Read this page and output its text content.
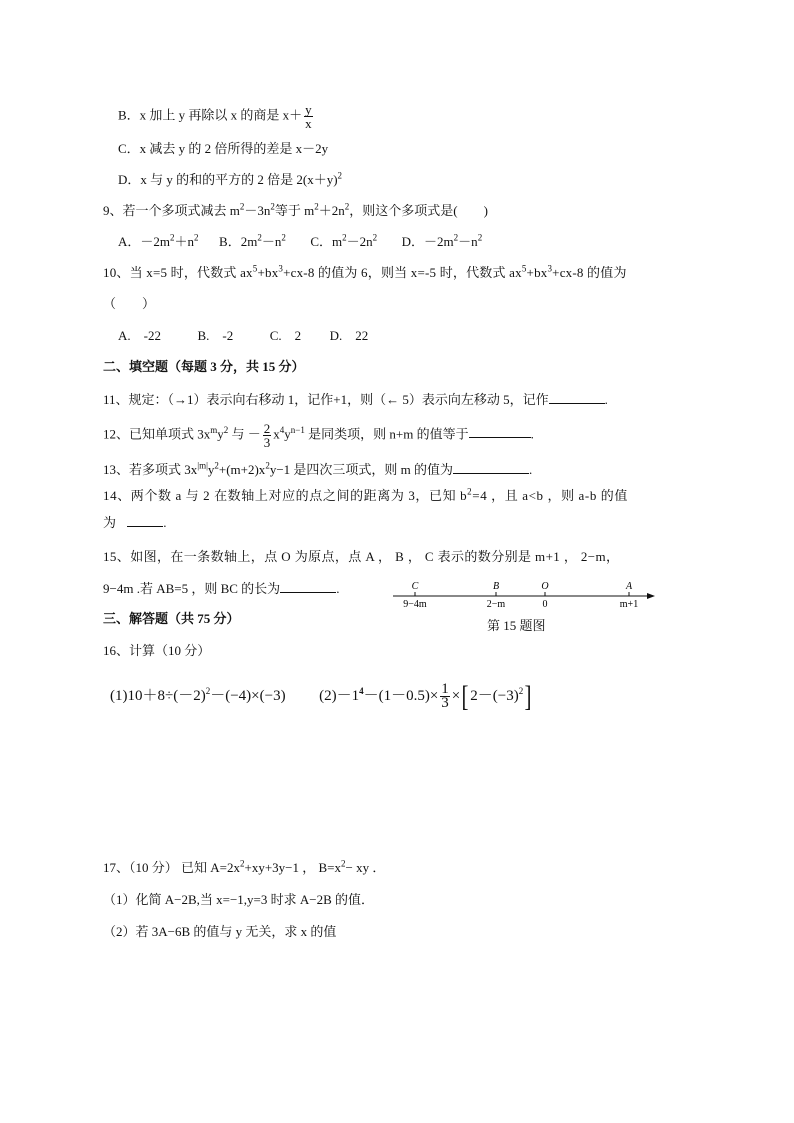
B．x 加上 y 再除以 x 的商是 $x+ \frac{y}{x}$
C．x 减去 y 的 2 倍所得的差是 x－2y
D．x 与 y 的和的平方的 2 倍是 $2(x+y)^2$
9、若一个多项式减去 $m^2-3n^2$等于 $m^2+2n^2$，则这个多项式是(　　)
A．$-2m^2+n^2$ B．$2m^2-n^2$ C．$m^2-2n^2$ D．$-2m^2-n^2$
10、当 x=5 时，代数式 $ax^5+bx^3+cx-8$ 的值为 6，则当 x=-5 时，代数式 $ax^5+bx^3+cx-8$ 的值为
（　　）
A.　-22	B.　-2	C.　2 D.　22
二、填空题（每题 3 分，共 15 分）
11、规定：（→1）表示向右移动 1，记作+1，则（← 5）表示向左移动 5，记作	.
12、已知单项式 $3x^my^2$ 与 － $\frac{2}{3} x^4y^{n-1}$ 是同类项，则 n+m 的值等于	.
13、若多项式 $3x^{|m|}y^2+(m+2)x^2y-1$ 是四次三项式，则 m 的值为	.
14、两个数 a 与 2 在数轴上对应的点之间的距离为 3，已知 $b^2=4$ ，且 a<b ，则 a-b 的值
为	.
15、如图，在一条数轴上，点 O 为原点，点 A ， B ， C 表示的数分别是 m+1 ， 2−m，
9−4m .若 AB=5 ，则 BC 的长为	.	C
9−4m
B
2−m
O
0
A
m+1
第 15 题图
三、解答题（共 75 分）
16、计算（10 分）
$(1)10+8\div(-2)^2-(-4)\times(-3)$ $(2)-1^4-(1-0.5)\times \frac{1}{3}$ ×[ $2-(-3)^2$]
17、（10 分） 已知 $A=2x^2+xy+3y-1$ ， $B=x^2-$ xy ．
（1）化简 A−2B,当 x=−1,y=3 时求 A−2B 的值．
（2）若 3A−6B 的值与 y 无关，求 x 的值
